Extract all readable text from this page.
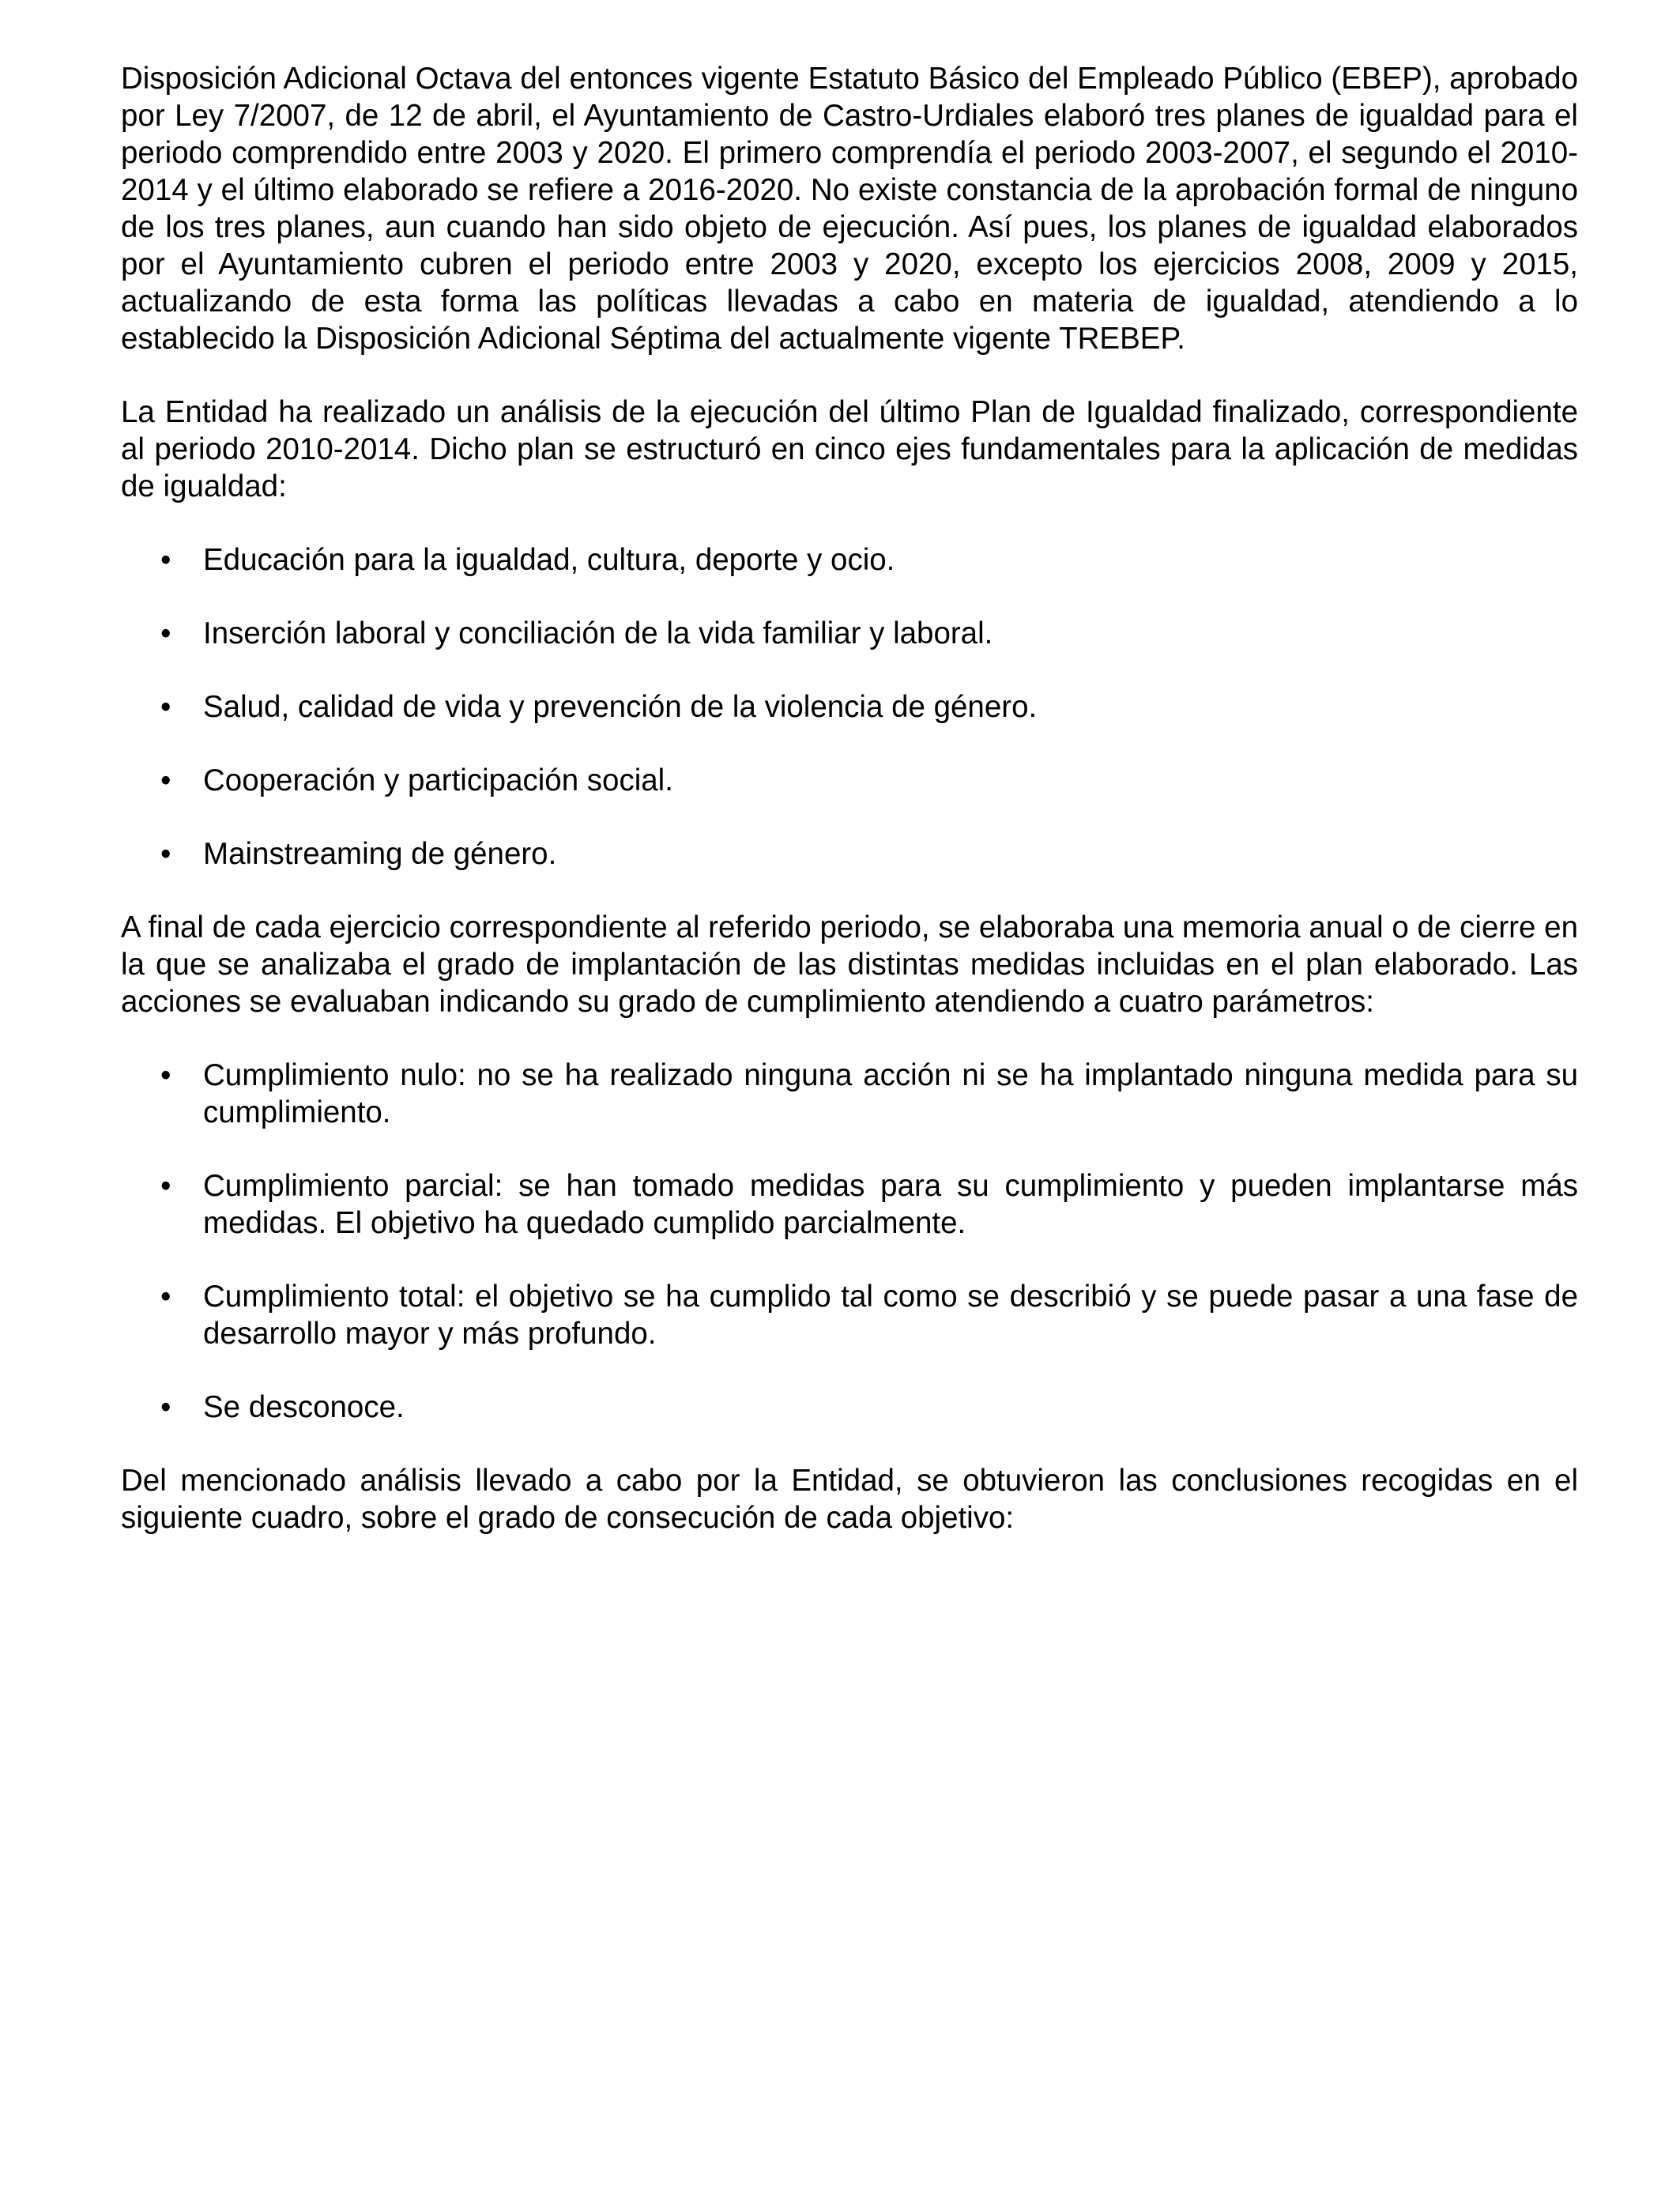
Disposición Adicional Octava del entonces vigente Estatuto Básico del Empleado Público (EBEP), aprobado por Ley 7/2007, de 12 de abril, el Ayuntamiento de Castro-Urdiales elaboró tres planes de igualdad para el periodo comprendido entre 2003 y 2020. El primero comprendía el periodo 2003-2007, el segundo el 2010-2014 y el último elaborado se refiere a 2016-2020. No existe constancia de la aprobación formal de ninguno de los tres planes, aun cuando han sido objeto de ejecución. Así pues, los planes de igualdad elaborados por el Ayuntamiento cubren el periodo entre 2003 y 2020, excepto los ejercicios 2008, 2009 y 2015, actualizando de esta forma las políticas llevadas a cabo en materia de igualdad, atendiendo a lo establecido la Disposición Adicional Séptima del actualmente vigente TREBEP.

La Entidad ha realizado un análisis de la ejecución del último Plan de Igualdad finalizado, correspondiente al periodo 2010-2014. Dicho plan se estructuró en cinco ejes fundamentales para la aplicación de medidas de igualdad:

• Educación para la igualdad, cultura, deporte y ocio.
• Inserción laboral y conciliación de la vida familiar y laboral.
• Salud, calidad de vida y prevención de la violencia de género.
• Cooperación y participación social.
• Mainstreaming de género.

A final de cada ejercicio correspondiente al referido periodo, se elaboraba una memoria anual o de cierre en la que se analizaba el grado de implantación de las distintas medidas incluidas en el plan elaborado. Las acciones se evaluaban indicando su grado de cumplimiento atendiendo a cuatro parámetros:

• Cumplimiento nulo: no se ha realizado ninguna acción ni se ha implantado ninguna medida para su cumplimiento.
• Cumplimiento parcial: se han tomado medidas para su cumplimiento y pueden implantarse más medidas. El objetivo ha quedado cumplido parcialmente.
• Cumplimiento total: el objetivo se ha cumplido tal como se describió y se puede pasar a una fase de desarrollo mayor y más profundo.
• Se desconoce.

Del mencionado análisis llevado a cabo por la Entidad, se obtuvieron las conclusiones recogidas en el siguiente cuadro, sobre el grado de consecución de cada objetivo:
